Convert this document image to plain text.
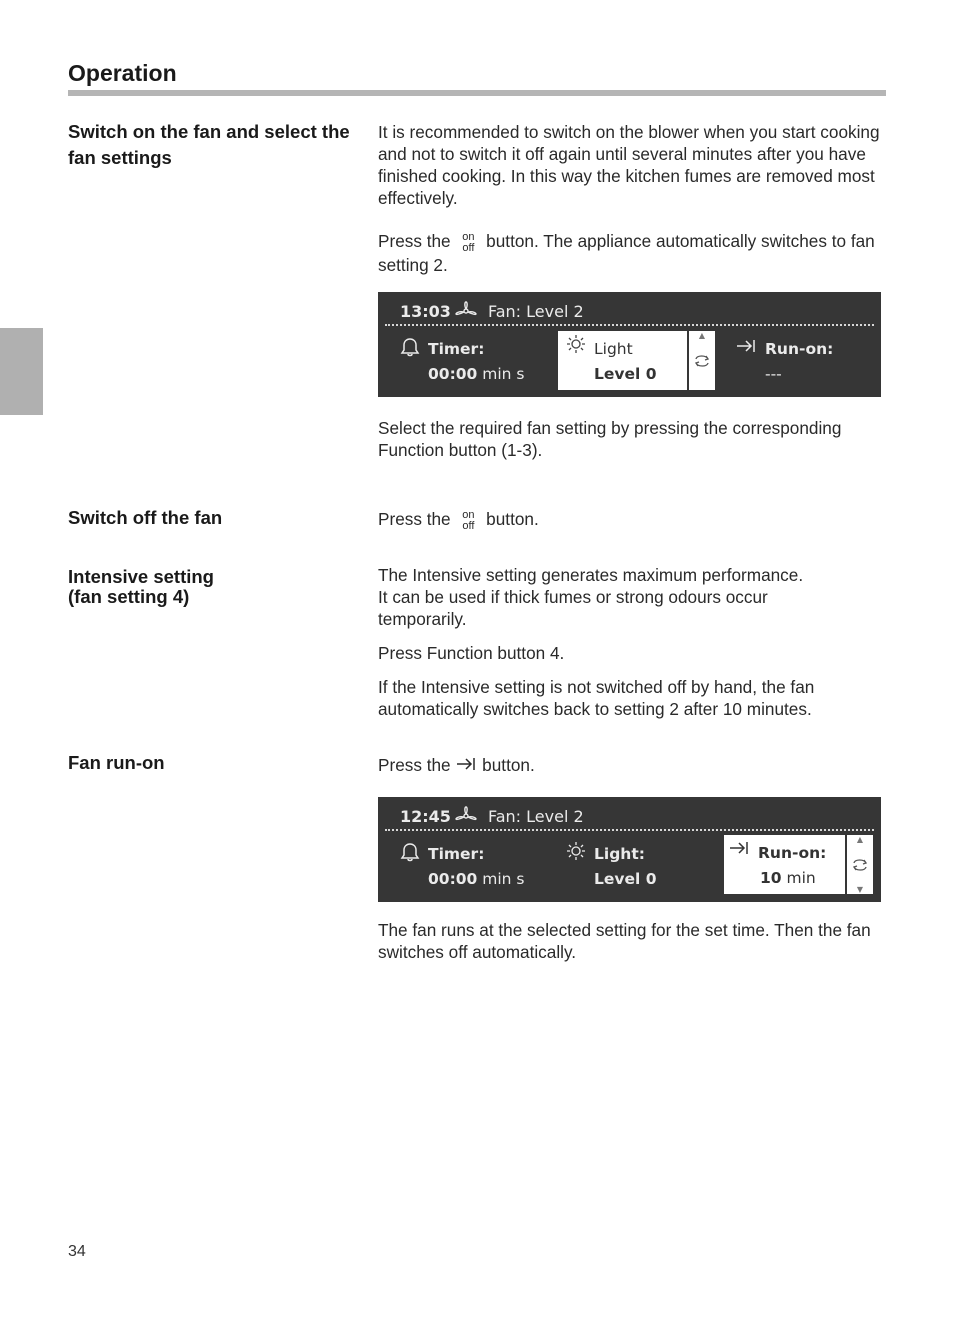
Operation
Switch on the fan and select the fan settings
It is recommended to switch on the blower when you start cooking and not to switch it off again until several minutes after you have finished cooking. In this way the kitchen fumes are removed most effectively.
Press the	on
off button. The appliance automatically switches to fan setting 2.
13:03 Fan: Level 2
Timer:
00:00 min s
Light
Level 0
▲
.
Run-on:
---
Select the required fan setting by pressing the corresponding Function button (1-3).
Switch off the fan	Press the	on
off button.
Intensive setting
(fan setting 4)
The Intensive setting generates maximum performance.
It can be used if thick fumes or strong odours occur temporarily.
Press Function button 4.
If the Intensive setting is not switched off by hand, the fan automatically switches back to setting 2 after 10 minutes.
Fan run-on	Press the button.
12:45 Fan: Level 2
Timer:
00:00 min s
Light:
Level 0
Run-on:
10 min
▲
▼
The fan runs at the selected setting for the set time. Then the fan switches off automatically.
34
